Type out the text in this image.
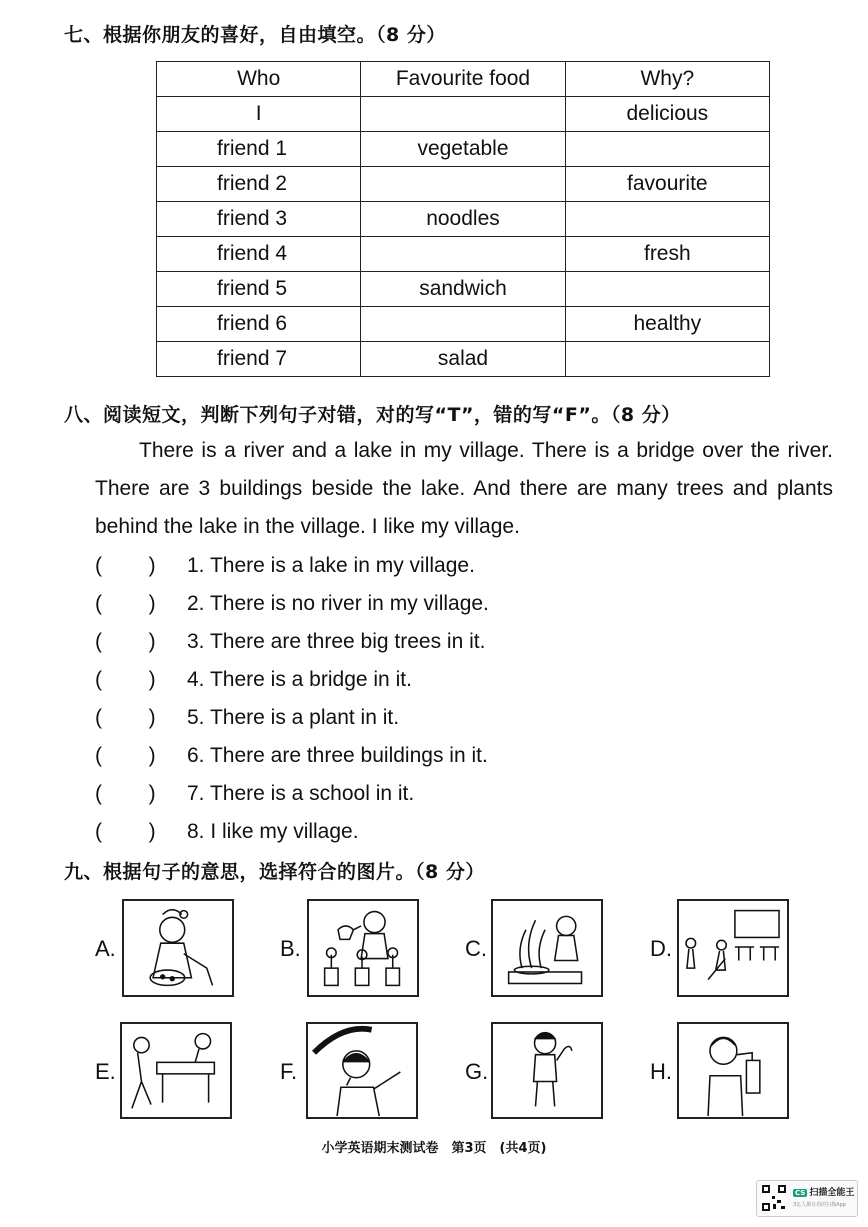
七、根据你朋友的喜好，自由填空。（8 分）
Who	Favourite food	Why?
I		delicious
friend 1	vegetable	
friend 2		favourite
friend 3	noodles	
friend 4		fresh
friend 5	sandwich	
friend 6		healthy
friend 7	salad	
八、阅读短文，判断下列句子对错，对的写“T”，错的写“F”。（8 分）
There is a river and a lake in my village. There is a bridge over the river. There are 3 buildings beside the lake. And there are many trees and plants behind the lake in the village. I like my village.
(        )	1. There is a lake in my village.
(        )	2. There is no river in my village.
(        )	3. There are three big trees in it.
(        )	4. There is a bridge in it.
(        )	5. There is a plant in it.
(        )	6. There are three buildings in it.
(        )	7. There is a school in it.
(        )	8. I like my village.
九、根据句子的意思，选择符合的图片。（8 分）
A.	B.	C.	D.
E.	F.	G.	H.
小学英语期末测试卷　第3页　(共4页)
CS 扫描全能王
3亿人都在用的扫描App
